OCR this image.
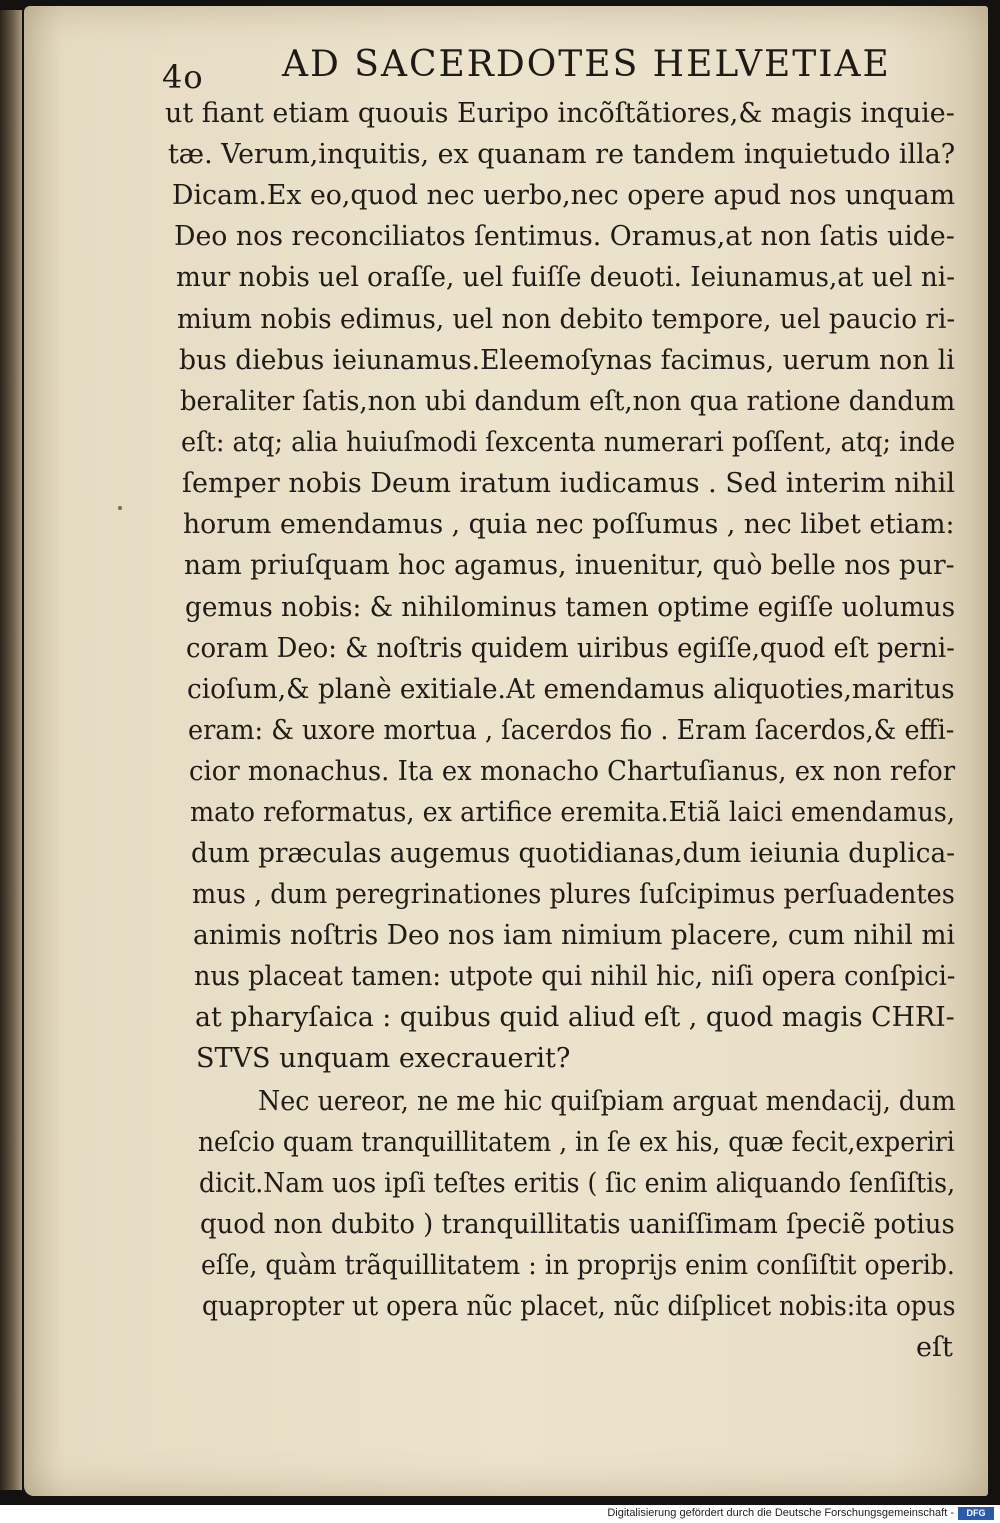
4o AD SACERDOTES HELVETIAE
ut fiant etiam quouis Euripo incõſtãtiores,& magis inquie-
tæ. Verum,inquitis, ex quanam re tandem inquietudo illa?
Dicam.Ex eo,quod nec uerbo,nec opere apud nos unquam
Deo nos reconciliatos ſentimus. Oramus,at non ſatis uide-
mur nobis uel oraſſe, uel fuiſſe deuoti. Ieiunamus,at uel ni-
mium nobis edimus, uel non debito tempore, uel paucio ri-
bus diebus ieiunamus.Eleemoſynas facimus, uerum non li
beraliter ſatis,non ubi dandum eſt,non qua ratione dandum
eſt: atq; alia huiuſmodi ſexcenta numerari poſſent, atq; inde
ſemper nobis Deum iratum iudicamus . Sed interim nihil
horum emendamus , quia nec poſſumus , nec libet etiam:
nam priuſquam hoc agamus, inuenitur, quò belle nos pur-
gemus nobis: & nihilominus tamen optime egiſſe uolumus
coram Deo: & noſtris quidem uiribus egiſſe,quod eſt perni-
cioſum,& planè exitiale.At emendamus aliquoties,maritus
eram: & uxore mortua , ſacerdos fio . Eram ſacerdos,& effi-
cior monachus. Ita ex monacho Chartuſianus, ex non refor
mato reformatus, ex artifice eremita.Etiã laici emendamus,
dum præculas augemus quotidianas,dum ieiunia duplica-
mus , dum peregrinationes plures ſuſcipimus perſuadentes
animis noſtris Deo nos iam nimium placere, cum nihil mi
nus placeat tamen: utpote qui nihil hic, niſi opera conſpici-
at pharyſaica : quibus quid aliud eſt , quod magis CHRI-
STVS unquam execrauerit?
Nec uereor, ne me hic quiſpiam arguat mendacij, dum
neſcio quam tranquillitatem , in ſe ex his, quæ fecit,experiri
dicit.Nam uos ipſi teſtes eritis ( ſic enim aliquando ſenſiſtis,
quod non dubito ) tranquillitatis uaniſſimam ſpeciẽ potius
eſſe, quàm trãquillitatem : in proprijs enim conſiſtit operib.
quapropter ut opera nũc placet, nũc diſplicet nobis:ita opus
eſt
Digitalisierung gefördert durch die Deutsche Forschungsgemeinschaft -	DFG
